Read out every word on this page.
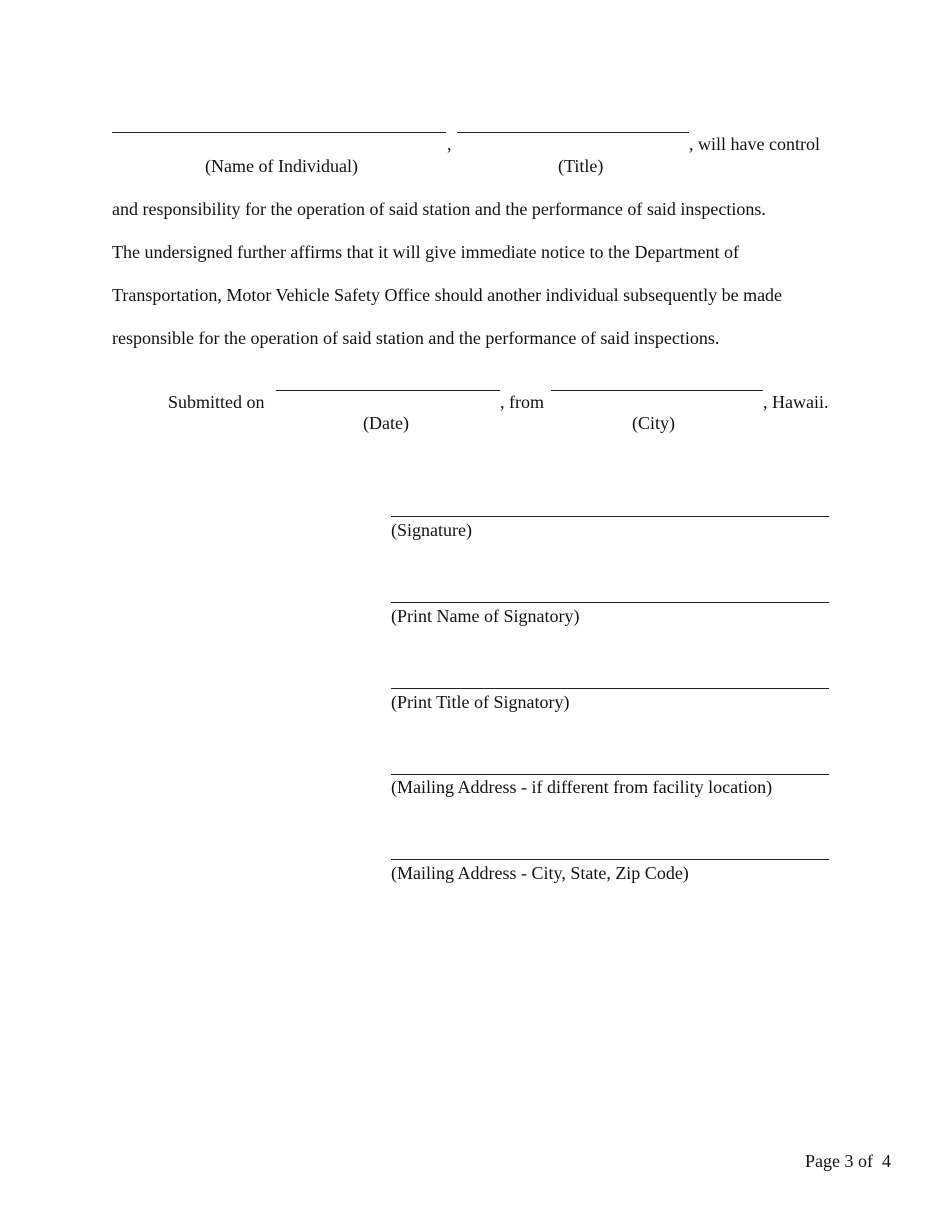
,	, will have control
(Name of Individual)	(Title)
and responsibility for the operation of said station and the performance of said inspections.
The undersigned further affirms that it will give immediate notice to the Department of
Transportation, Motor Vehicle Safety Office should another individual subsequently be made
responsible for the operation of said station and the performance of said inspections.
Submitted on	, from	, Hawaii.
(Date)	(City)
(Signature)
(Print Name of Signatory)
(Print Title of Signatory)
(Mailing Address - if different from facility location)
(Mailing Address - City, State, Zip Code)
Page 3 of  4
